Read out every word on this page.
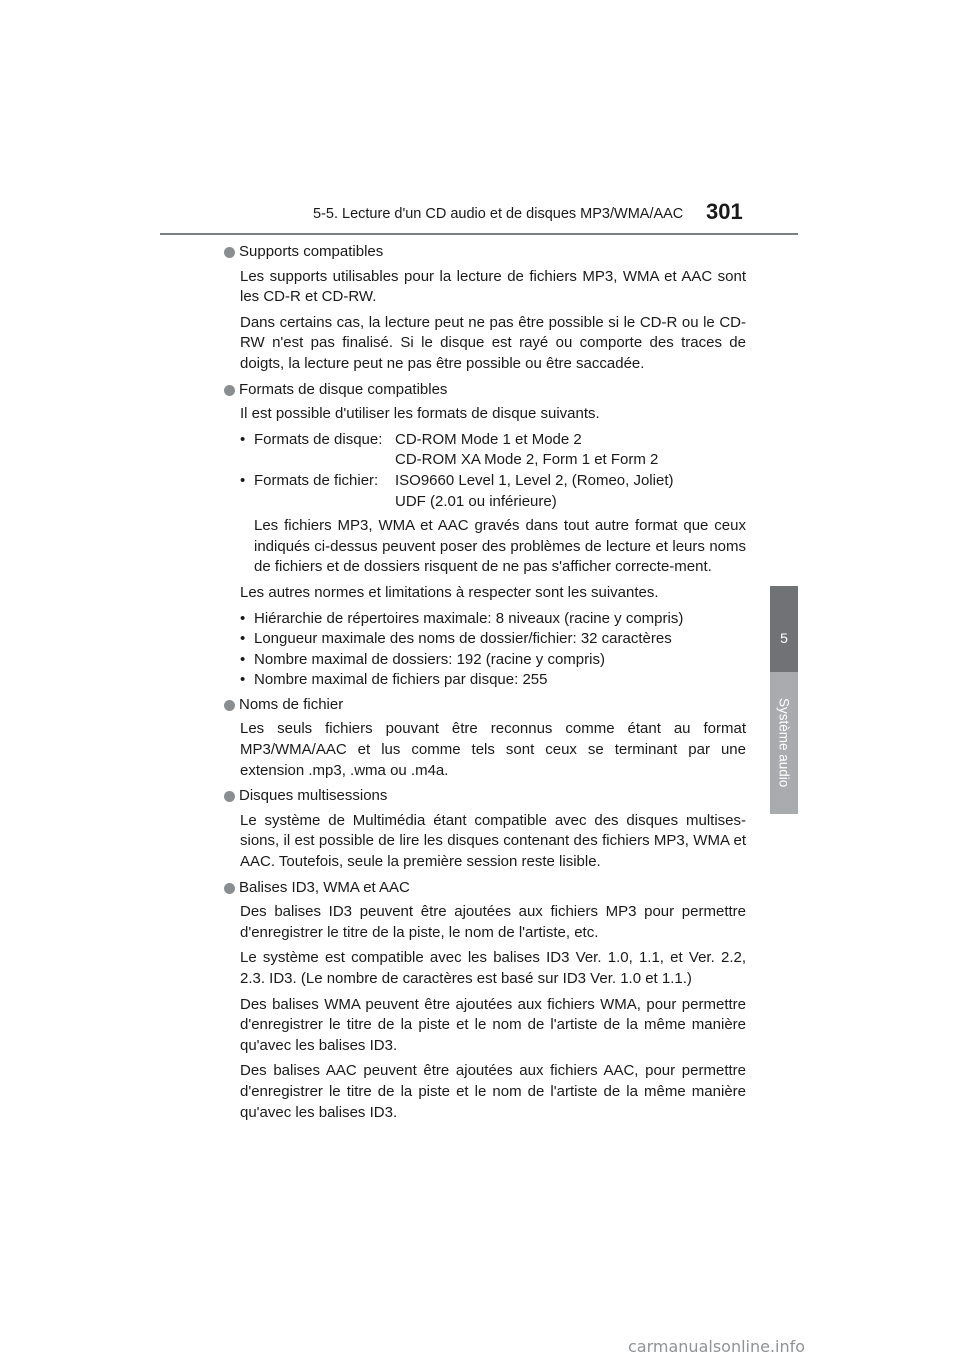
5-5. Lecture d'un CD audio et de disques MP3/WMA/AAC 301
5
Système audio
Supports compatibles

Les supports utilisables pour la lecture de fichiers MP3, WMA et AAC sont les CD-R et CD-RW.

Dans certains cas, la lecture peut ne pas être possible si le CD-R ou le CD-RW n'est pas finalisé. Si le disque est rayé ou comporte des traces de doigts, la lecture peut ne pas être possible ou être saccadée.

Formats de disque compatibles

Il est possible d'utiliser les formats de disque suivants.

• Formats de disque: CD-ROM Mode 1 et Mode 2
CD-ROM XA Mode 2, Form 1 et Form 2
• Formats de fichier:	ISO9660 Level 1, Level 2, (Romeo, Joliet)
UDF (2.01 ou inférieure)

Les fichiers MP3, WMA et AAC gravés dans tout autre format que ceux indiqués ci-dessus peuvent poser des problèmes de lecture et leurs noms de fichiers et de dossiers risquent de ne pas s'afficher correcte-ment.

Les autres normes et limitations à respecter sont les suivantes.

• Hiérarchie de répertoires maximale: 8 niveaux (racine y compris)
• Longueur maximale des noms de dossier/fichier: 32 caractères
• Nombre maximal de dossiers: 192 (racine y compris)
• Nombre maximal de fichiers par disque: 255
Noms de fichier

Les seuls fichiers pouvant être reconnus comme étant au format MP3/WMA/AAC et lus comme tels sont ceux se terminant par une extension .mp3, .wma ou .m4a.

Disques multisessions

Le système de Multimédia étant compatible avec des disques multises-sions, il est possible de lire les disques contenant des fichiers MP3, WMA et AAC. Toutefois, seule la première session reste lisible.

Balises ID3, WMA et AAC

Des balises ID3 peuvent être ajoutées aux fichiers MP3 pour permettre d'enregistrer le titre de la piste, le nom de l'artiste, etc.

Le système est compatible avec les balises ID3 Ver. 1.0, 1.1, et Ver. 2.2, 2.3. ID3. (Le nombre de caractères est basé sur ID3 Ver. 1.0 et 1.1.)

Des balises WMA peuvent être ajoutées aux fichiers WMA, pour permettre d'enregistrer le titre de la piste et le nom de l'artiste de la même manière qu'avec les balises ID3.

Des balises AAC peuvent être ajoutées aux fichiers AAC, pour permettre d'enregistrer le titre de la piste et le nom de l'artiste de la même manière qu'avec les balises ID3.

carmanualsonline.info
